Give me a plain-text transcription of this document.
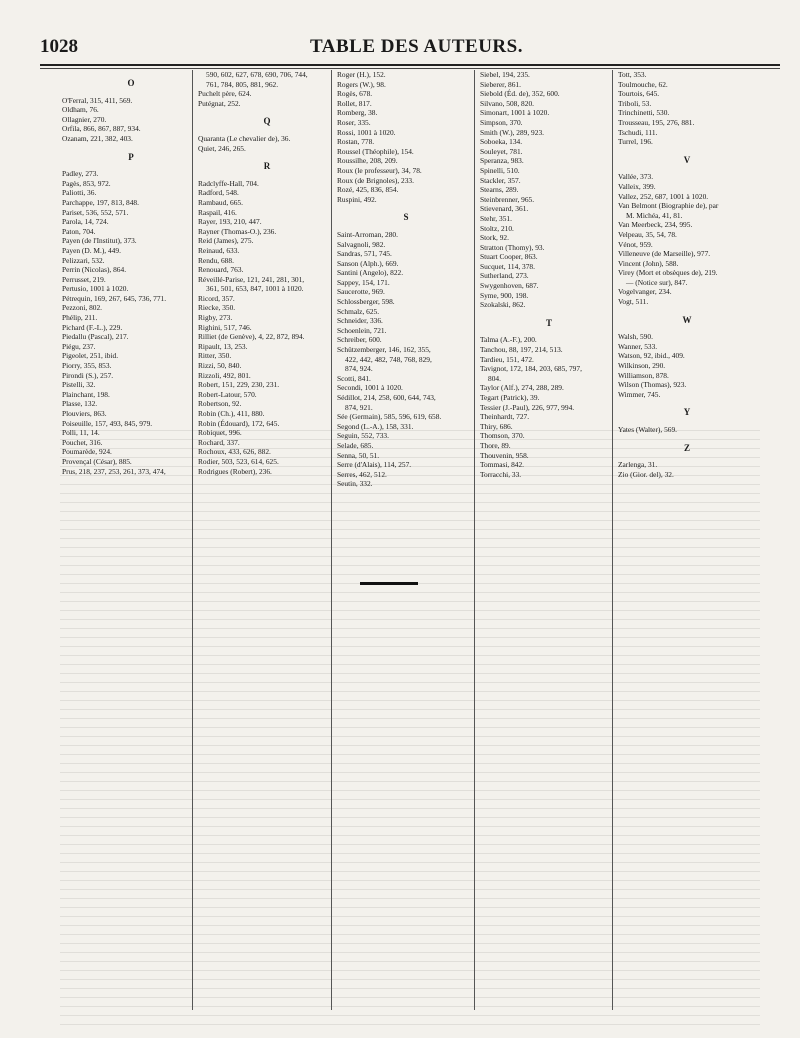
1028	TABLE DES AUTEURS.
O
O'Ferral, 315, 411, 569.
Oldham, 76.
Ollagnier, 270.
Orfila, 866, 867, 887, 934.
Ozanam, 221, 382, 403.
P
Padley, 273.
Pagès, 853, 972.
Paliotti, 36.
Parchappe, 197, 813, 848.
Pariset, 536, 552, 571.
Parola, 14, 724.
Paton, 704.
Payen (de l'Institut), 373.
Payen (D. M.), 449.
Pelizzari, 532.
Perrin (Nicolas), 864.
Perrusset, 219.
Pertusio, 1001 à 1020.
Pétrequin, 169, 267, 645, 736, 771.
Pezzoni, 802.
Phélip, 211.
Pichard (F.-L.), 229.
Piedallu (Pascal), 217.
Piégu, 237.
Pigeolet, 251, ibid.
Piorry, 355, 853.
Pirondi (S.), 257.
Pistelli, 32.
Plainchant, 198.
Plasse, 132.
Plouviers, 863.
Poiseuille, 157, 493, 845, 979.
Polli, 11, 14.
Pouchet, 316.
Poumarède, 924.
Provençal (César), 885.
Prus, 218, 237, 253, 261, 373, 474,
590, 602, 627, 678, 690, 706, 744,
761, 784, 805, 881, 962.
Puchelt père, 624.
Putégnat, 252.
Q
Quaranta (Le chevalier de), 36.
Quiet, 246, 265.
R
Radclyffe-Hall, 704.
Radford, 548.
Rambaud, 665.
Raspail, 416.
Rayer, 193, 210, 447.
Rayner (Thomas-O.), 236.
Reid (James), 275.
Reinaud, 633.
Rendu, 688.
Renouard, 763.
Réveillé-Parise, 121, 241, 281, 301,
361, 501, 653, 847, 1001 à 1020.
Ricord, 357.
Riecke, 350.
Rigby, 273.
Righini, 517, 746.
Rilliet (de Genève), 4, 22, 872, 894.
Ripault, 13, 253.
Ritter, 350.
Rizzi, 50, 840.
Rizzoli, 492, 801.
Robert, 151, 229, 230, 231.
Robert-Latour, 570.
Robertson, 92.
Robin (Ch.), 411, 880.
Robin (Édouard), 172, 645.
Robiquet, 996.
Rochard, 337.
Rochoux, 433, 626, 882.
Rodier, 503, 523, 614, 625.
Rodrigues (Robert), 236.
Roger (H.), 152.
Rogers (W.), 98.
Rogès, 678.
Rollet, 817.
Romberg, 38.
Roser, 335.
Rossi, 1001 à 1020.
Rostan, 778.
Roussel (Théophile), 154.
Roussilhe, 208, 209.
Roux (le professeur), 34, 78.
Roux (de Brignoles), 233.
Rozé, 425, 836, 854.
Ruspini, 492.
S
Saint-Arroman, 280.
Salvagnoli, 982.
Sandras, 571, 745.
Sanson (Alph.), 669.
Santini (Angelo), 822.
Sappey, 154, 171.
Saucerotte, 969.
Schlossberger, 598.
Schmalz, 625.
Schneider, 336.
Schoenlein, 721.
Schreiber, 600.
Schützemberger, 146, 162, 355,
422, 442, 482, 748, 768, 829,
874, 924.
Scotti, 841.
Secondi, 1001 à 1020.
Sédillot, 214, 258, 600, 644, 743,
874, 921.
Sée (Germain), 585, 596, 619, 658.
Segond (L.-A.), 158, 331.
Seguin, 552, 733.
Selade, 685.
Senna, 50, 51.
Serre (d'Alais), 114, 257.
Serres, 462, 512.
Seutin, 332.
Siebel, 194, 235.
Sieberer, 861.
Siebold (Éd. de), 352, 600.
Silvano, 508, 820.
Simonart, 1001 à 1020.
Simpson, 370.
Smith (W.), 289, 923.
Soboeka, 134.
Souleyet, 781.
Speranza, 983.
Spinelli, 510.
Stackler, 357.
Stearns, 289.
Steinbrenner, 965.
Stievenard, 361.
Stehr, 351.
Stoltz, 210.
Stork, 92.
Stratton (Thomy), 93.
Stuart Cooper, 863.
Sucquet, 114, 378.
Sutherland, 273.
Swygenhoven, 687.
Syme, 900, 198.
Szokalski, 862.
T
Talma (A.-F.), 200.
Tanchou, 88, 197, 214, 513.
Tardieu, 151, 472.
Tavignot, 172, 184, 203, 685, 797,
804.
Taylor (Alf.), 274, 288, 289.
Tegart (Patrick), 39.
Tessier (J.-Paul), 226, 977, 994.
Theinhardt, 727.
Thiry, 686.
Thomson, 370.
Thore, 89.
Thouvenin, 958.
Tommasi, 842.
Torracchi, 33.
Tott, 353.
Toulmouche, 62.
Tourtois, 645.
Triboli, 53.
Trinchinetti, 530.
Trousseau, 195, 276, 881.
Tschudi, 111.
Turrel, 196.
V
Vallée, 373.
Valleix, 399.
Vallez, 252, 687, 1001 à 1020.
Van Belmont (Biographie de), par
M. Michéa, 41, 81.
Van Meerbeck, 234, 995.
Velpeau, 35, 54, 78.
Vénot, 959.
Villeneuve (de Marseille), 977.
Vincent (John), 588.
Virey (Mort et obsèques de), 219.
— (Notice sur), 847.
Vogelvanger, 234.
Vogt, 511.
W
Walsh, 590.
Wanner, 533.
Watson, 92, ibid., 409.
Wilkinson, 290.
Williamson, 878.
Wilson (Thomas), 923.
Wimmer, 745.
Y
Yates (Walter), 569.
Z
Zarlenga, 31.
Zio (Gior. del), 32.
